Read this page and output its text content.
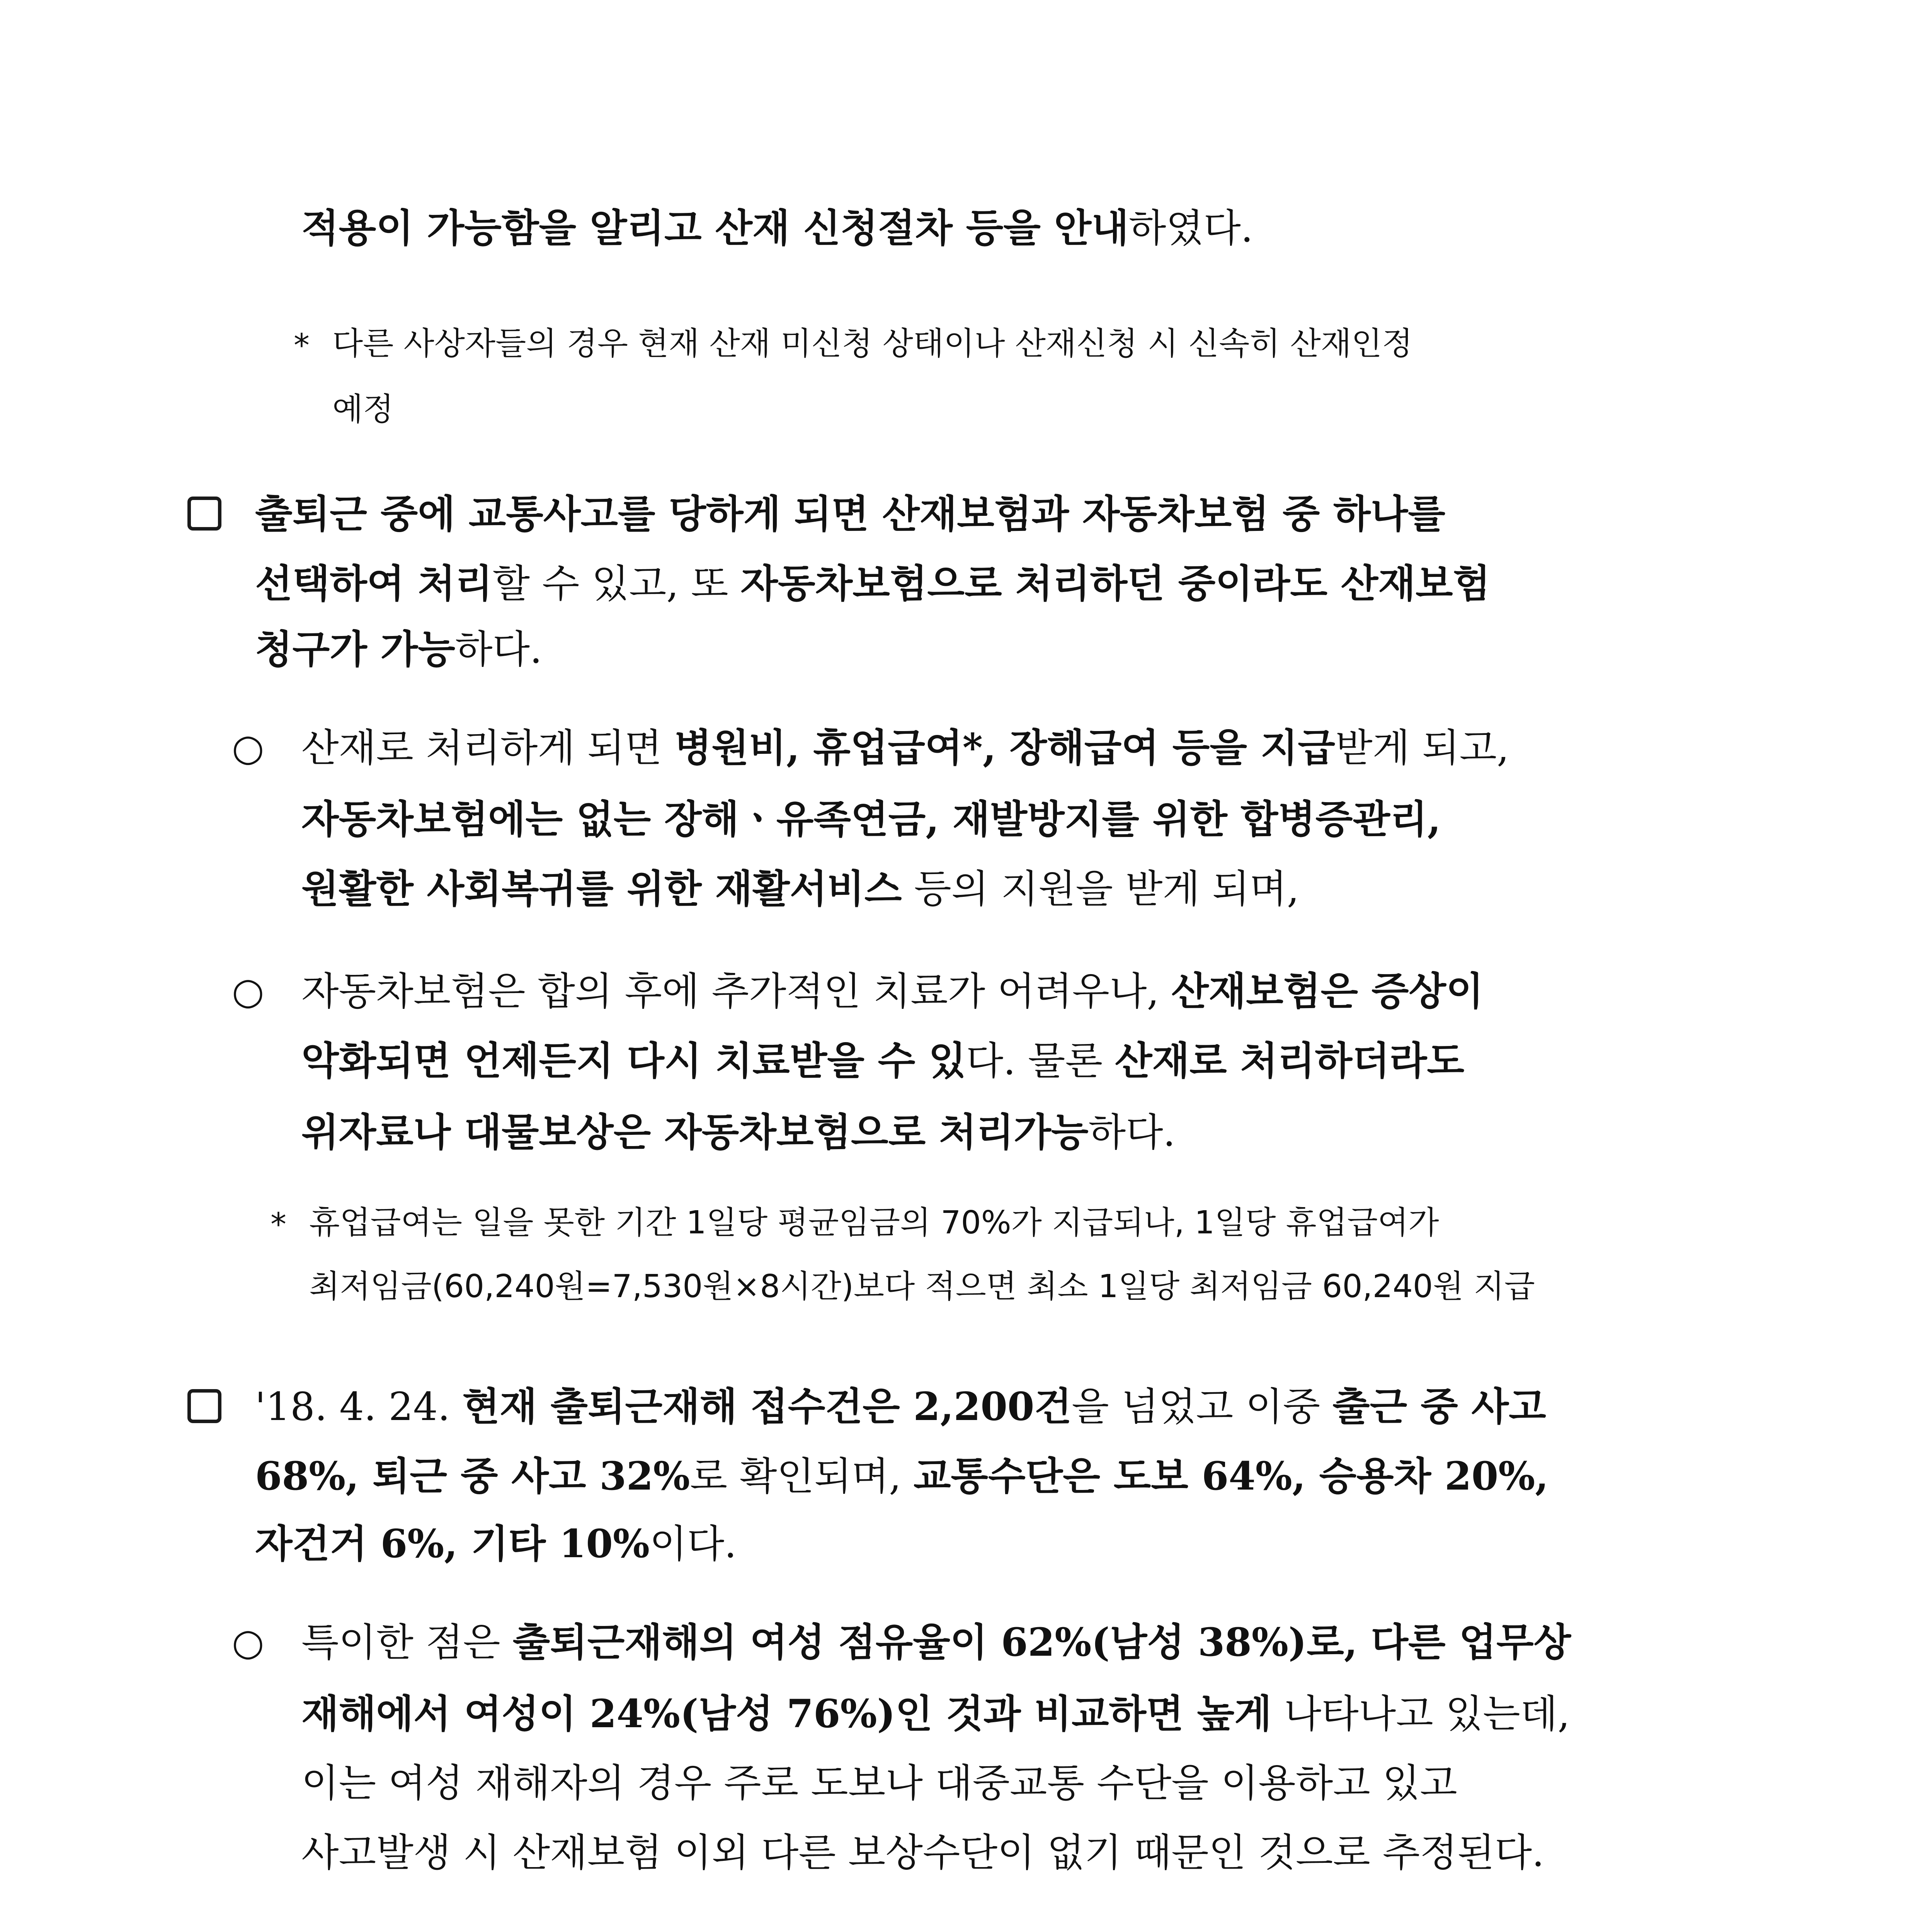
적용이 가능함을 알리고 산재 신청절차 등을 안내하였다.
* 다른 사상자들의 경우 현재 산재 미신청 상태이나 산재신청 시 신속히 산재인정
예정
출퇴근 중에 교통사고를 당하게 되면 산재보험과 자동차보험 중 하나를
선택하여 처리할 수 있고, 또 자동차보험으로 처리하던 중이라도 산재보험
청구가 가능하다.
○ 산재로 처리하게 되면 병원비, 휴업급여*, 장해급여 등을 지급받게 되고,
자동차보험에는 없는 장해ㆍ유족연금, 재발방지를 위한 합병증관리,
원활한 사회복귀를 위한 재활서비스 등의 지원을 받게 되며,
○ 자동차보험은 합의 후에 추가적인 치료가 어려우나, 산재보험은 증상이
악화되면 언제든지 다시 치료받을 수 있다. 물론 산재로 처리하더라도
위자료나 대물보상은 자동차보험으로 처리가능하다.
* 휴업급여는 일을 못한 기간 1일당 평균임금의 70%가 지급되나, 1일당 휴업급여가
최저임금(60,240원=7,530원×8시간)보다 적으면 최소 1일당 최저임금 60,240원 지급
'18. 4. 24. 현재 출퇴근재해 접수건은 2,200건을 넘었고 이중 출근 중 사고
68%, 퇴근 중 사고 32%로 확인되며, 교통수단은 도보 64%, 승용차 20%,
자건거 6%, 기타 10%이다.
○ 특이한 점은 출퇴근재해의 여성 점유율이 62%(남성 38%)로, 다른 업무상
재해에서 여성이 24%(남성 76%)인 것과 비교하면 높게 나타나고 있는데,
이는 여성 재해자의 경우 주로 도보나 대중교통 수단을 이용하고 있고
사고발생 시 산재보험 이외 다른 보상수단이 없기 때문인 것으로 추정된다.
